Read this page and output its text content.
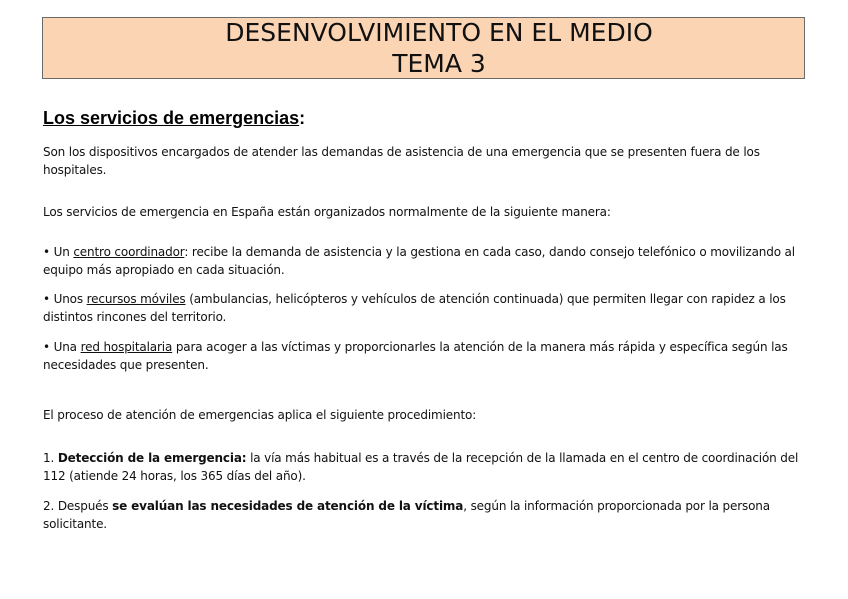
DESENVOLVIMIENTO EN EL MEDIO
TEMA 3
Los servicios de emergencias:
Son los dispositivos encargados de atender las demandas de asistencia de una emergencia que se presenten fuera de los hospitales.
Los servicios de emergencia en España están organizados normalmente de la siguiente manera:
• Un centro coordinador: recibe la demanda de asistencia y la gestiona en cada caso, dando consejo telefónico o movilizando al equipo más apropiado en cada situación.
• Unos recursos móviles (ambulancias, helicópteros y vehículos de atención continuada) que permiten llegar con rapidez a los distintos rincones del territorio.
• Una red hospitalaria para acoger a las víctimas y proporcionarles la atención de la manera más rápida y específica según las necesidades que presenten.
El proceso de atención de emergencias aplica el siguiente procedimiento:
1. Detección de la emergencia: la vía más habitual es a través de la recepción de la llamada en el centro de coordinación del 112 (atiende 24 horas, los 365 días del año).
2. Después se evalúan las necesidades de atención de la víctima, según la información proporcionada por la persona solicitante.
